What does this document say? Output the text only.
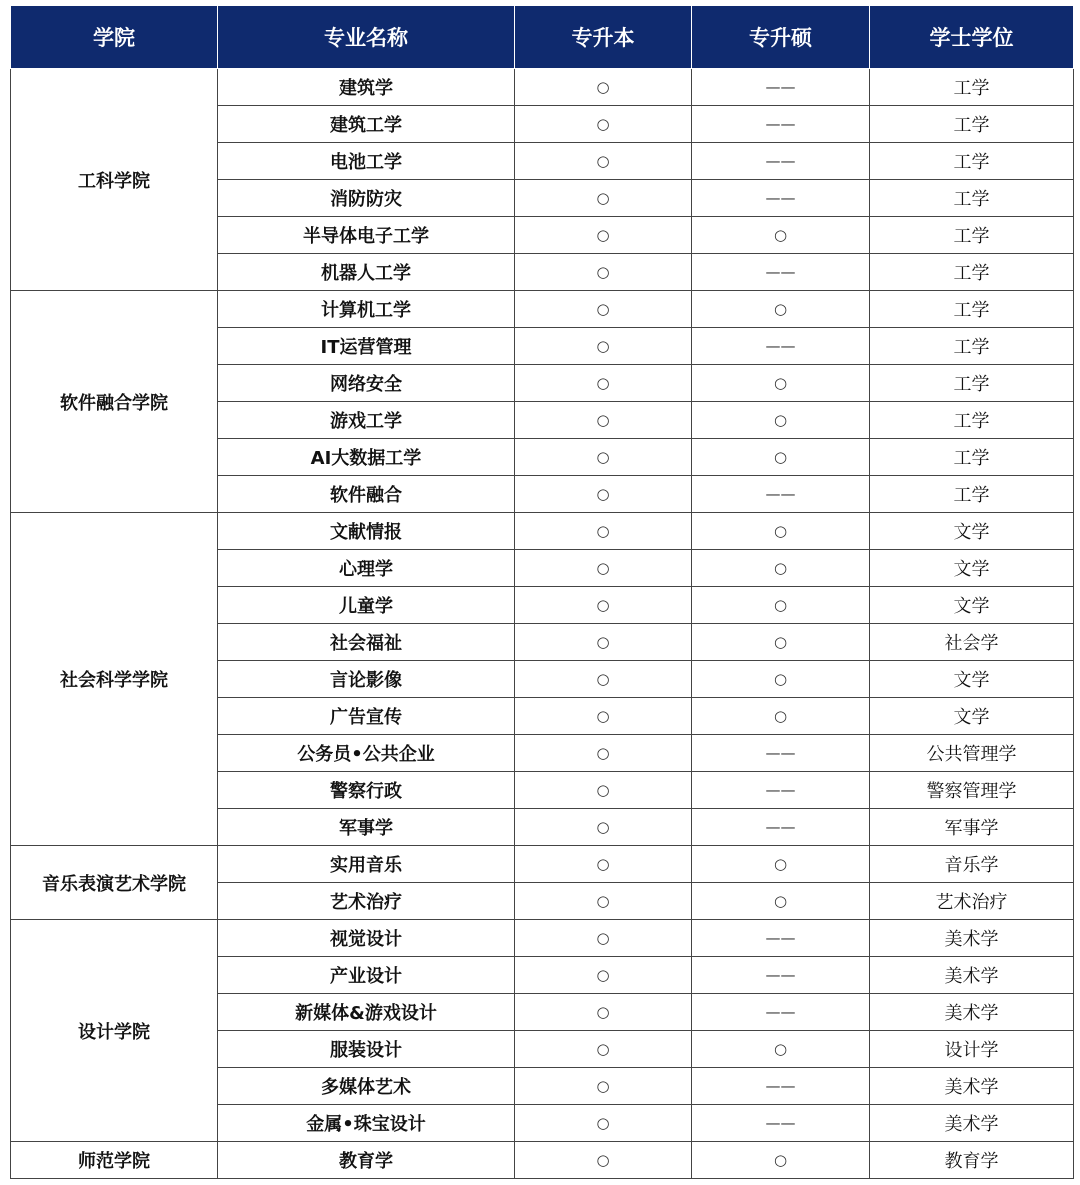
学院	专业名称	专升本	专升硕	学士学位
工科学院	建筑学	○	——	工学
	建筑工学	○	——	工学
	电池工学	○	——	工学
	消防防灾	○	——	工学
	半导体电子工学	○	○	工学
	机器人工学	○	——	工学
软件融合学院	计算机工学	○	○	工学
	IT运营管理	○	——	工学
	网络安全	○	○	工学
	游戏工学	○	○	工学
	AI大数据工学	○	○	工学
	软件融合	○	——	工学
社会科学学院	文献情报	○	○	文学
	心理学	○	○	文学
	儿童学	○	○	文学
	社会福祉	○	○	社会学
	言论影像	○	○	文学
	广告宣传	○	○	文学
	公务员•公共企业	○	——	公共管理学
	警察行政	○	——	警察管理学
	军事学	○	——	军事学
音乐表演艺术学院	实用音乐	○	○	音乐学
	艺术治疗	○	○	艺术治疗
设计学院	视觉设计	○	——	美术学
	产业设计	○	——	美术学
	新媒体&游戏设计	○	——	美术学
	服装设计	○	○	设计学
	多媒体艺术	○	——	美术学
	金属•珠宝设计	○	——	美术学
师范学院	教育学	○	○	教育学
